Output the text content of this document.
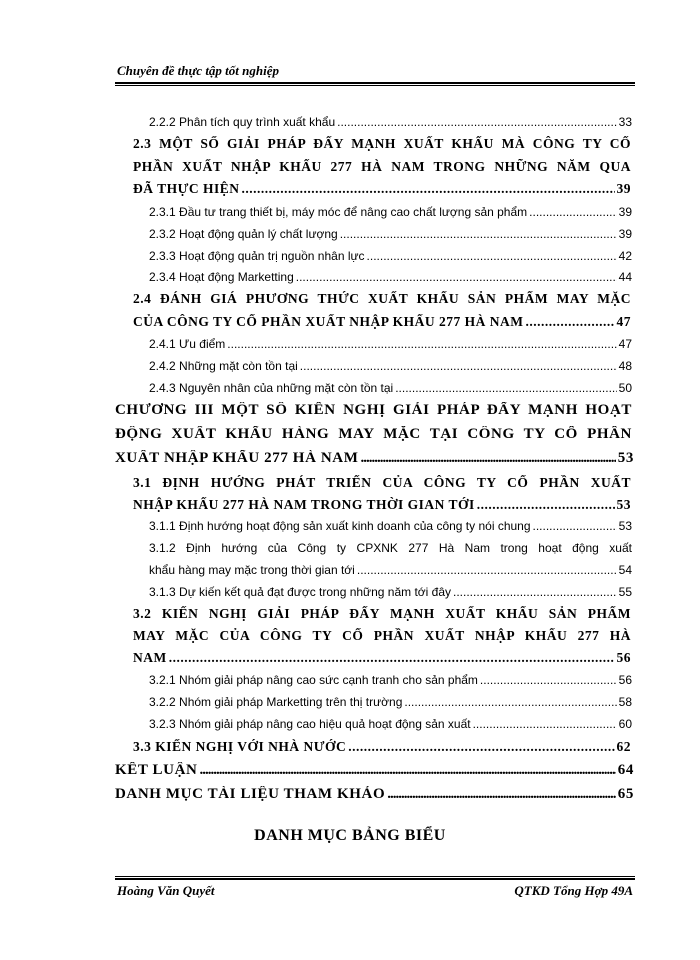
Chuyên đề thực tập tốt nghiệp
2.2.2 Phân tích quy trình xuất khẩu .....	33
2.3 MỘT SỐ GIẢI PHÁP ĐẨY MẠNH XUẤT KHẨU MÀ CÔNG TY CỔ
PHẦN XUẤT NHẬP KHẨU 277 HÀ NAM TRONG NHỮNG NĂM QUA
ĐÃ THỰC HIỆN .....	39
2.3.1 Đầu tư trang thiết bị, máy móc để nâng cao chất lượng sản phẩm .....	39
2.3.2 Hoạt động quản lý chất lượng .....	39
2.3.3 Hoạt động quản trị nguồn nhân lực .....	42
2.3.4 Hoạt động Marketting .....	44
2.4 ĐÁNH GIÁ PHƯƠNG THỨC XUẤT KHẨU SẢN PHẨM MAY MẶC
CỦA CÔNG TY CỔ PHẦN XUẤT NHẬP KHẨU 277 HÀ NAM .....	47
2.4.1 Ưu điểm .....	47
2.4.2 Những mặt còn tồn tại .....	48
2.4.3 Nguyên nhân của những mặt còn tồn tại .....	50
CHƯƠNG III MỘT SỐ KIẾN NGHỊ GIẢI PHÁP ĐẨY MẠNH HOẠT
ĐỘNG XUẤT KHẨU HÀNG MAY MẶC TẠI CÔNG TY CỔ PHẦN
XUẤT NHẬP KHẨU 277 HÀ NAM .....	53
3.1 ĐỊNH HƯỚNG PHÁT TRIỂN CỦA CÔNG TY CỔ PHẦN XUẤT
NHẬP KHẨU 277 HÀ NAM TRONG THỜI GIAN TỚI .....	53
3.1.1 Định hướng hoạt động sản xuất kinh doanh của công ty nói chung .....	53
3.1.2 Định hướng của Công ty CPXNK 277 Hà Nam trong hoạt động xuất
khẩu hàng may mặc trong thời gian tới .....	54
3.1.3 Dự kiến kết quả đạt được trong những năm tới đây .....	55
3.2 KIẾN NGHỊ GIẢI PHÁP ĐẨY MẠNH XUẤT KHẨU SẢN PHẨM
MAY MẶC CỦA CÔNG TY CỔ PHẦN XUẤT NHẬP KHẨU 277 HÀ
NAM .....	56
3.2.1 Nhóm giải pháp nâng cao sức cạnh tranh cho sản phẩm .....	56
3.2.2 Nhóm giải pháp Marketting trên thị trường .....	58
3.2.3 Nhóm giải pháp nâng cao hiệu quả hoạt động sản xuất .....	60
3.3 KIẾN NGHỊ VỚI NHÀ NƯỚC .....	62
KẾT LUẬN .....	64
DANH MỤC TÀI LIỆU THAM KHẢO .....	65
DANH MỤC BẢNG BIỂU
Hoàng Văn Quyết	QTKD Tổng Hợp 49A
